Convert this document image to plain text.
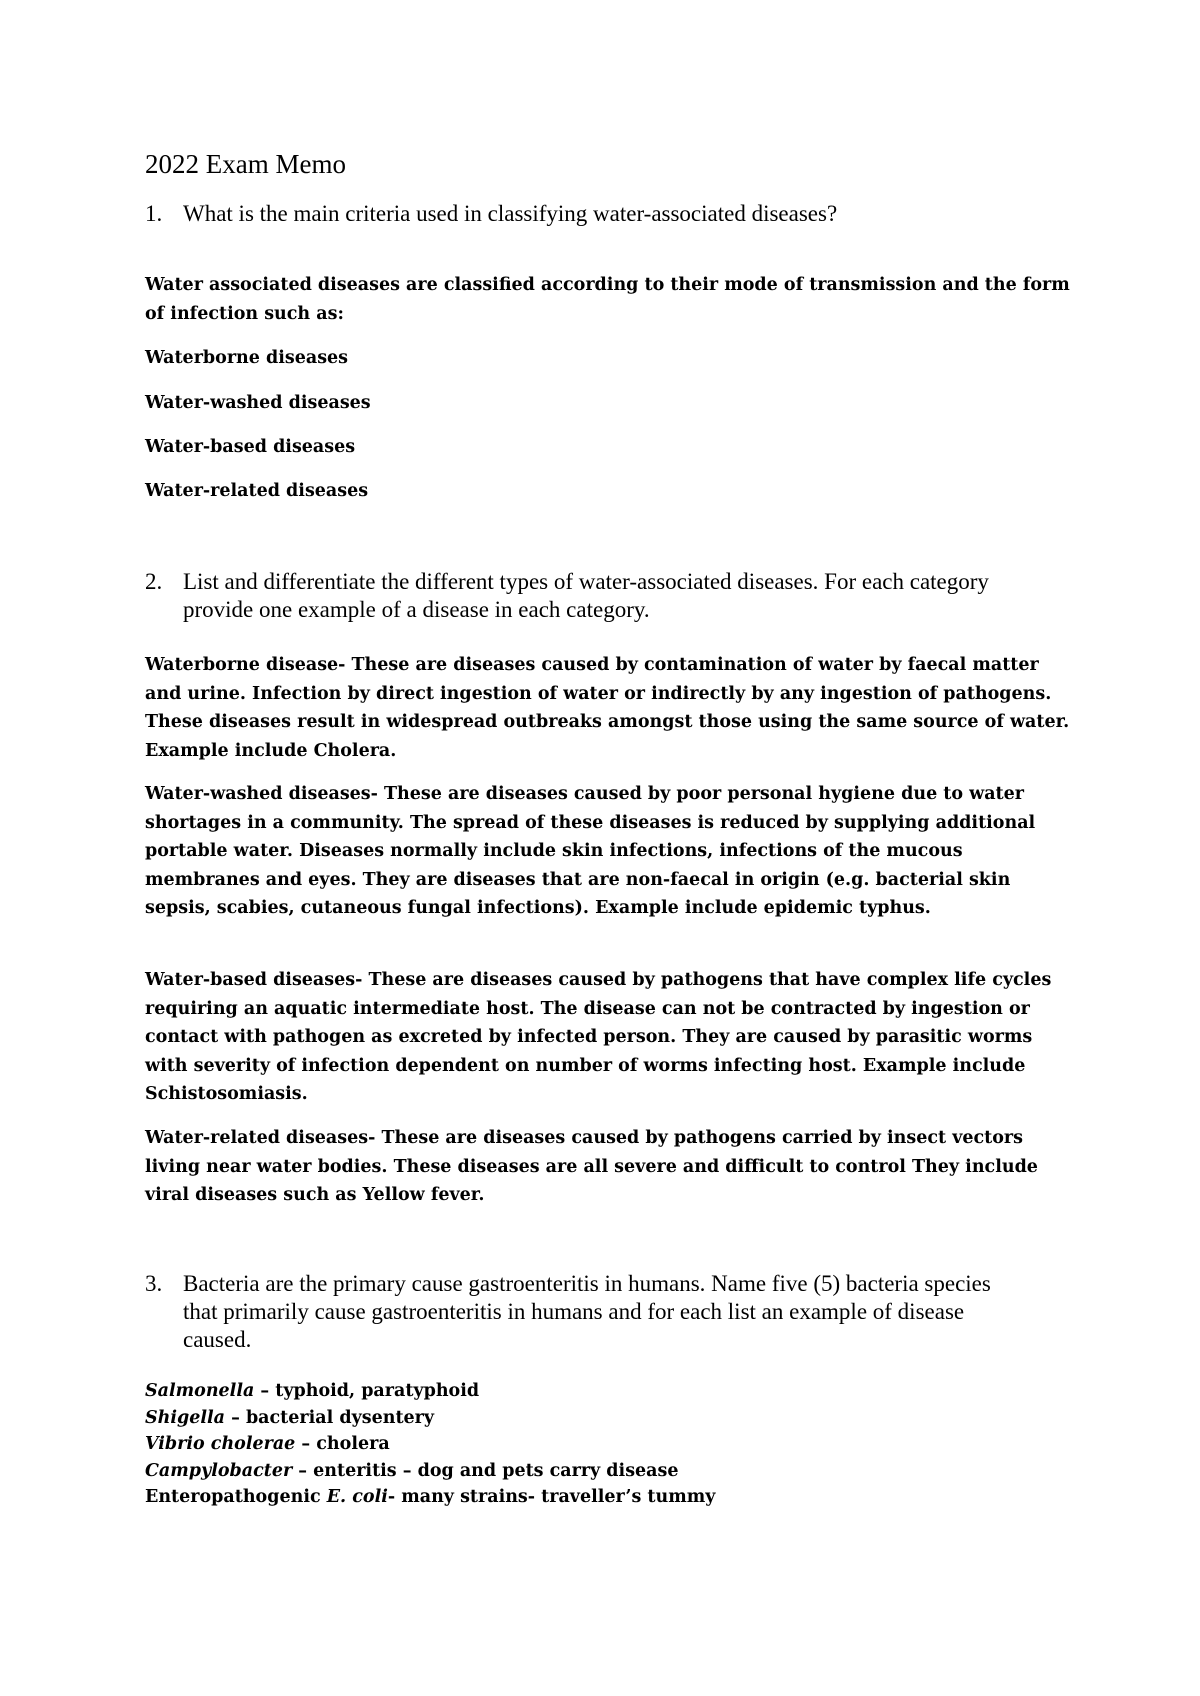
2022 Exam Memo
1. What is the main criteria used in classifying water-associated diseases?

Water associated diseases are classified according to their mode of transmission and the form of infection such as:

Waterborne diseases

Water-washed diseases

Water-based diseases

Water-related diseases

2. List and differentiate the different types of water-associated diseases. For each category provide one example of a disease in each category.

Waterborne disease- These are diseases caused by contamination of water by faecal matter and urine. Infection by direct ingestion of water or indirectly by any ingestion of pathogens. These diseases result in widespread outbreaks amongst those using the same source of water. Example include Cholera.

Water-washed diseases- These are diseases caused by poor personal hygiene due to water shortages in a community. The spread of these diseases is reduced by supplying additional portable water. Diseases normally include skin infections, infections of the mucous membranes and eyes. They are diseases that are non-faecal in origin (e.g. bacterial skin sepsis, scabies, cutaneous fungal infections). Example include epidemic typhus.

Water-based diseases- These are diseases caused by pathogens that have complex life cycles requiring an aquatic intermediate host. The disease can not be contracted by ingestion or contact with pathogen as excreted by infected person. They are caused by parasitic worms with severity of infection dependent on number of worms infecting host. Example include Schistosomiasis.

Water-related diseases- These are diseases caused by pathogens carried by insect vectors living near water bodies. These diseases are all severe and difficult to control They include viral diseases such as Yellow fever.

3. Bacteria are the primary cause gastroenteritis in humans. Name five (5) bacteria species that primarily cause gastroenteritis in humans and for each list an example of disease caused.

Salmonella – typhoid, paratyphoid

Shigella – bacterial dysentery

Vibrio cholerae – cholera

Campylobacter – enteritis – dog and pets carry disease

Enteropathogenic E. coli- many strains- traveller’s tummy
